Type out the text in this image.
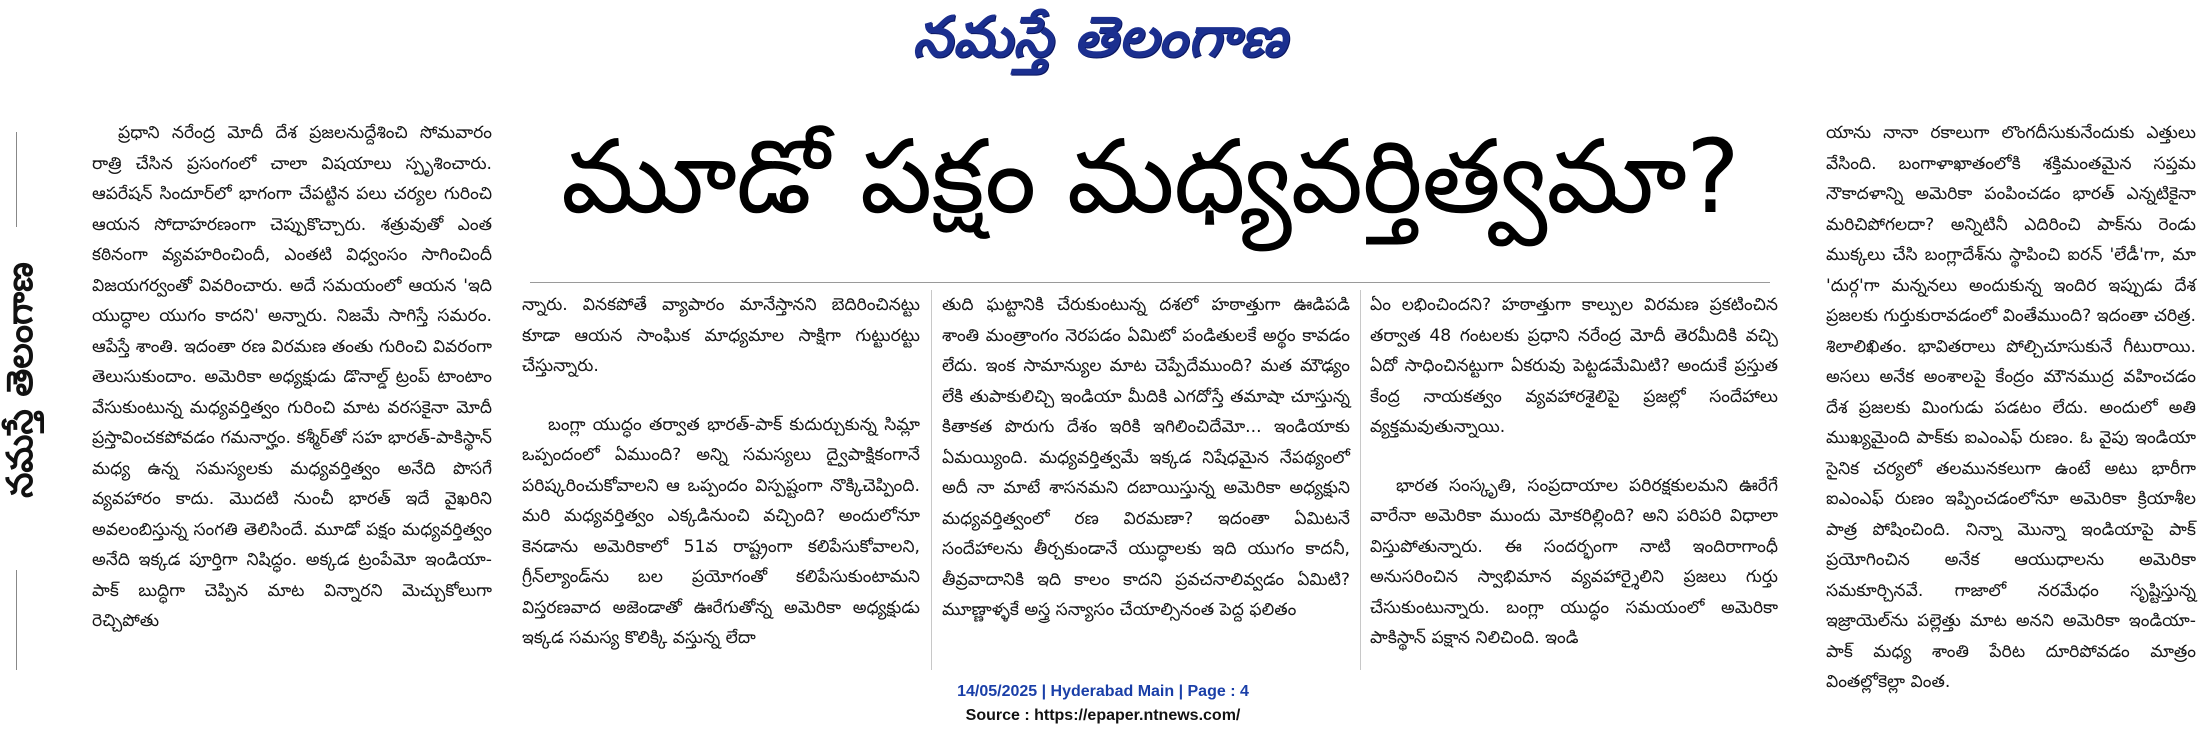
నమస్తే తెలంగాణ
నమస్తే తెలంగాణ

ప్రధాని నరేంద్ర మోదీ దేశ ప్రజలనుద్దేశించి సోమవారం రాత్రి చేసిన ప్రసంగంలో చాలా విషయాలు స్పృశించారు. ఆపరేషన్ సిందూర్‌లో భాగంగా చేపట్టిన పలు చర్యల గురించి ఆయన సోదాహరణంగా చెప్పుకొచ్చారు. శత్రువుతో ఎంత కఠినంగా వ్యవహరించిందీ, ఎంతటి విధ్వంసం సాగించిందీ విజయగర్వంతో వివరించారు. అదే సమయంలో ఆయన 'ఇది యుద్ధాల యుగం కాదని' అన్నారు. నిజమే సాగిస్తే సమరం. ఆపేస్తే శాంతి. ఇదంతా రణ విరమణ తంతు గురించి వివరంగా తెలుసుకుందాం. అమెరికా అధ్యక్షుడు డొనాల్డ్ ట్రంప్ టాంటాం వేసుకుంటున్న మధ్యవర్తిత్వం గురించి మాట వరసకైనా మోదీ ప్రస్తావించకపోవడం గమనార్హం. కశ్మీర్‌తో సహ భారత్-పాకిస్థాన్ మధ్య ఉన్న సమస్యలకు మధ్యవర్తిత్వం అనేది పొసగే వ్యవహారం కాదు. మొదటి నుంచీ భారత్ ఇదే వైఖరిని అవలంబిస్తున్న సంగతి తెలిసిందే. మూడో పక్షం మధ్యవర్తిత్వం అనేది ఇక్కడ పూర్తిగా నిషిద్ధం. అక్కడ ట్రంపేమో ఇండియా-పాక్ బుద్ధిగా చెప్పిన మాట విన్నారని మెచ్చుకోలుగా రెచ్చిపోతు

మూడో పక్షం మధ్యవర్తిత్వమా?

న్నారు. వినకపోతే వ్యాపారం మానేస్తానని బెదిరించినట్టు కూడా ఆయన సాంఘిక మాధ్యమాల సాక్షిగా గుట్టురట్టు చేస్తున్నారు.

బంగ్లా యుద్ధం తర్వాత భారత్-పాక్ కుదుర్చుకున్న సిమ్లా ఒప్పందంలో ఏముంది? అన్ని సమస్యలు ద్వైపాక్షికంగానే పరిష్కరించుకోవాలని ఆ ఒప్పందం విస్పష్టంగా నొక్కిచెప్పింది. మరి మధ్యవర్తిత్వం ఎక్కడినుంచి వచ్చింది? అందులోనూ కెనడాను అమెరికాలో 51వ రాష్ట్రంగా కలిపేసుకోవాలని, గ్రీన్‌ల్యాండ్‌ను బల ప్రయోగంతో కలిపేసుకుంటామని విస్తరణవాద అజెండాతో ఊరేగుతోన్న అమెరికా అధ్యక్షుడు ఇక్కడ సమస్య కొలిక్కి వస్తున్న లేదా

తుది ఘట్టానికి చేరుకుంటున్న దశలో హఠాత్తుగా ఊడిపడి శాంతి మంత్రాంగం నెరపడం ఏమిటో పండితులకే అర్థం కావడం లేదు. ఇంక సామాన్యుల మాట చెప్పేదేముంది? మత మౌఢ్యం లేకి తుపాకులిచ్చి ఇండియా మీదికి ఎగదోస్తే తమాషా చూస్తున్న కితాకత పొరుగు దేశం ఇరికి ఇగిలించిదేమో... ఇండియాకు ఏమయ్యింది. మధ్యవర్తిత్వమే ఇక్కడ నిషేధమైన నేపథ్యంలో అదీ నా మాటే శాసనమని దబాయిస్తున్న అమెరికా అధ్యక్షుని మధ్యవర్తిత్వంలో రణ విరమణా? ఇదంతా ఏమిటనే సందేహాలను తీర్చకుండానే యుద్ధాలకు ఇది యుగం కాదనీ, తీవ్రవాదానికి ఇది కాలం కాదని ప్రవచనాలివ్వడం ఏమిటి? మూణ్ణాళ్ళకే అస్త్ర సన్యాసం చేయాల్సినంత పెద్ద ఫలితం

ఏం లభించిందని? హఠాత్తుగా కాల్పుల విరమణ ప్రకటించిన తర్వాత 48 గంటలకు ప్రధాని నరేంద్ర మోదీ తెరమీదికి వచ్చి ఏదో సాధించినట్టుగా ఏకరువు పెట్టడమేమిటి? అందుకే ప్రస్తుత కేంద్ర నాయకత్వం వ్యవహారశైలిపై ప్రజల్లో సందేహాలు వ్యక్తమవుతున్నాయి.

భారత సంస్కృతి, సంప్రదాయాల పరిరక్షకులమని ఊరేగే వారేనా అమెరికా ముందు మోకరిల్లింది? అని పరిపరి విధాలా విస్తుపోతున్నారు. ఈ సందర్భంగా నాటి ఇందిరాగాంధీ అనుసరించిన స్వాభిమాన వ్యవహార్శైలిని ప్రజలు గుర్తు చేసుకుంటున్నారు. బంగ్లా యుద్ధం సమయంలో అమెరికా పాకిస్థాన్ పక్షాన నిలిచింది. ఇండి

యాను నానా రకాలుగా లొంగదీసుకునేందుకు ఎత్తులు వేసింది. బంగాళాఖాతంలోకి శక్తిమంతమైన సప్తమ నౌకాదళాన్ని అమెరికా పంపించడం భారత్ ఎన్నటికైనా మరిచిపోగలదా? అన్నిటినీ ఎదిరించి పాక్‌ను రెండు ముక్కలు చేసి బంగ్లాదేశ్‌ను స్థాపించి ఐరన్ 'లేడీ'గా, మా 'దుర్గ'గా మన్ననలు అందుకున్న ఇందిర ఇప్పుడు దేశ ప్రజలకు గుర్తుకురావడంలో వింతేముంది? ఇదంతా చరిత్ర. శిలాలిఖితం. భావితరాలు పోల్చిచూసుకునే గీటురాయి. అసలు అనేక అంశాలపై కేంద్రం మౌనముద్ర వహించడం దేశ ప్రజలకు మింగుడు పడటం లేదు. అందులో అతి ముఖ్యమైంది పాక్‌కు ఐఎంఎఫ్ రుణం. ఓ వైపు ఇండియా సైనిక చర్యలో తలమునకలుగా ఉంటే అటు భారీగా ఐఎంఎఫ్ రుణం ఇప్పించడంలోనూ అమెరికా క్రియాశీల పాత్ర పోషించింది. నిన్నా మొన్నా ఇండియాపై పాక్ ప్రయోగించిన అనేక ఆయుధాలను అమెరికా సమకూర్చినవే. గాజాలో నరమేధం సృష్టిస్తున్న ఇజ్రాయెల్‌ను పల్లెత్తు మాట అనని అమెరికా ఇండియా-పాక్ మధ్య శాంతి పేరిట దూరిపోవడం మాత్రం వింతల్లోకెల్లా వింత.

14/05/2025 | Hyderabad Main | Page : 4
Source : https://epaper.ntnews.com/
